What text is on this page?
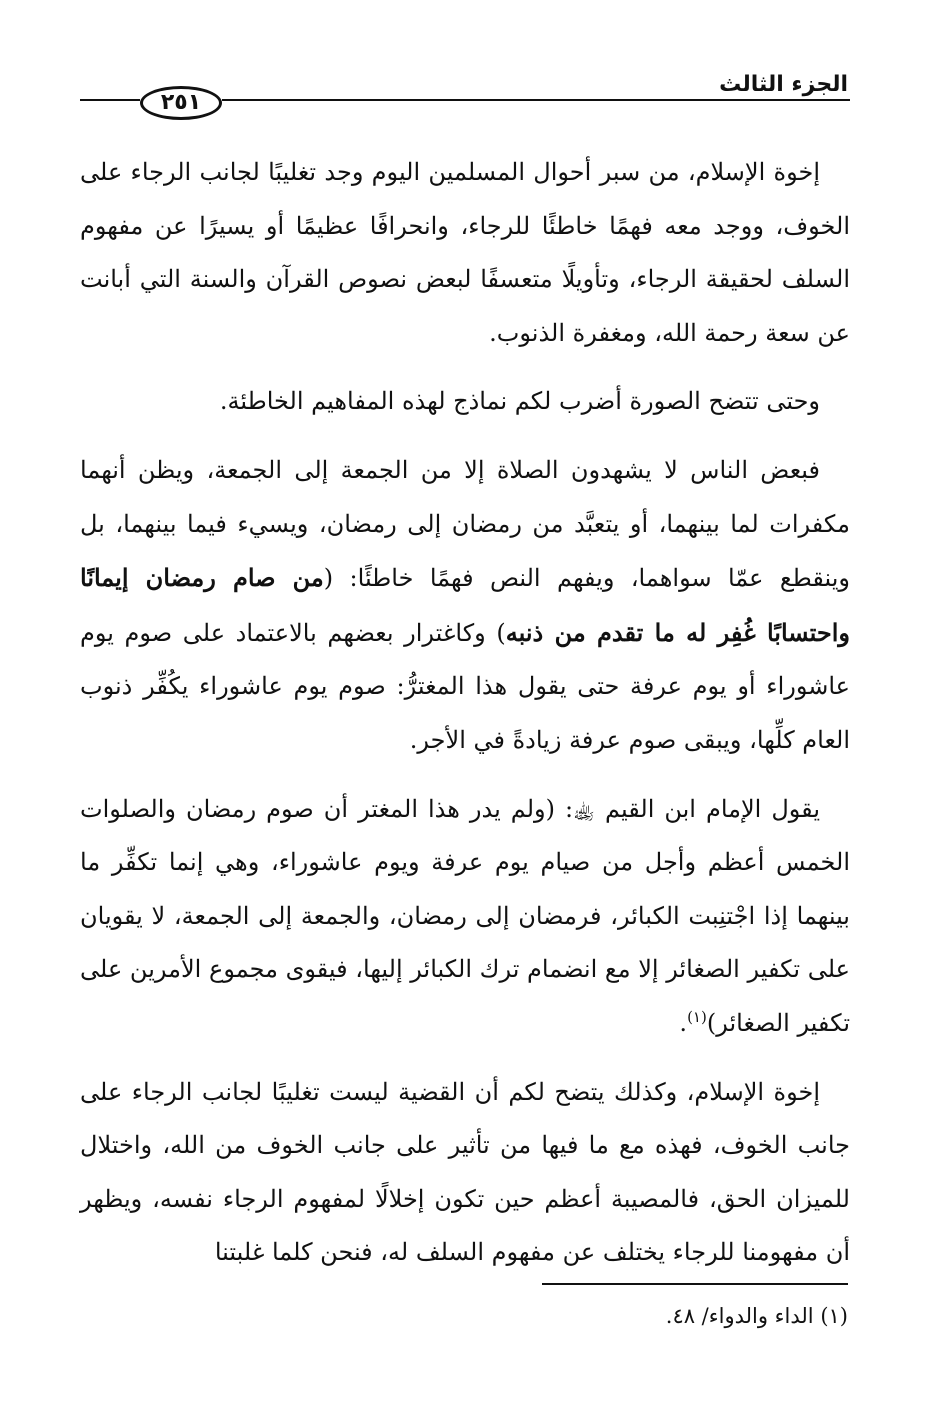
الجزء الثالث
٢٥١

إخوة الإسلام، من سبر أحوال المسلمين اليوم وجد تغليبًا لجانب الرجاء على الخوف، ووجد معه فهمًا خاطئًا للرجاء، وانحرافًا عظيمًا أو يسيرًا عن مفهوم السلف لحقيقة الرجاء، وتأويلًا متعسفًا لبعض نصوص القرآن والسنة التي أبانت عن سعة رحمة الله، ومغفرة الذنوب.

وحتى تتضح الصورة أضرب لكم نماذج لهذه المفاهيم الخاطئة.

فبعض الناس لا يشهدون الصلاة إلا من الجمعة إلى الجمعة، ويظن أنهما مكفرات لما بينهما، أو يتعبَّد من رمضان إلى رمضان، ويسيء فيما بينهما، بل وينقطع عمّا سواهما، ويفهم النص فهمًا خاطئًا: (من صام رمضان إيمانًا واحتسابًا غُفِر له ما تقدم من ذنبه) وكاغترار بعضهم بالاعتماد على صوم يوم عاشوراء أو يوم عرفة حتى يقول هذا المغترُّ: صوم يوم عاشوراء يكُفِّر ذنوب العام كلِّها، ويبقى صوم عرفة زيادةً في الأجر.

يقول الإمام ابن القيم ﵀: (ولم يدر هذا المغتر أن صوم رمضان والصلوات الخمس أعظم وأجل من صيام يوم عرفة ويوم عاشوراء، وهي إنما تكفِّر ما بينهما إذا اجْتنِبت الكبائر، فرمضان إلى رمضان، والجمعة إلى الجمعة، لا يقويان على تكفير الصغائر إلا مع انضمام ترك الكبائر إليها، فيقوى مجموع الأمرين على تكفير الصغائر)$^{(١)}$.

إخوة الإسلام، وكذلك يتضح لكم أن القضية ليست تغليبًا لجانب الرجاء على جانب الخوف، فهذه مع ما فيها من تأثير على جانب الخوف من الله، واختلال للميزان الحق، فالمصيبة أعظم حين تكون إخلالًا لمفهوم الرجاء نفسه، ويظهر أن مفهومنا للرجاء يختلف عن مفهوم السلف له، فنحن كلما غلبتنا

(١) الداء والدواء/ ٤٨.
